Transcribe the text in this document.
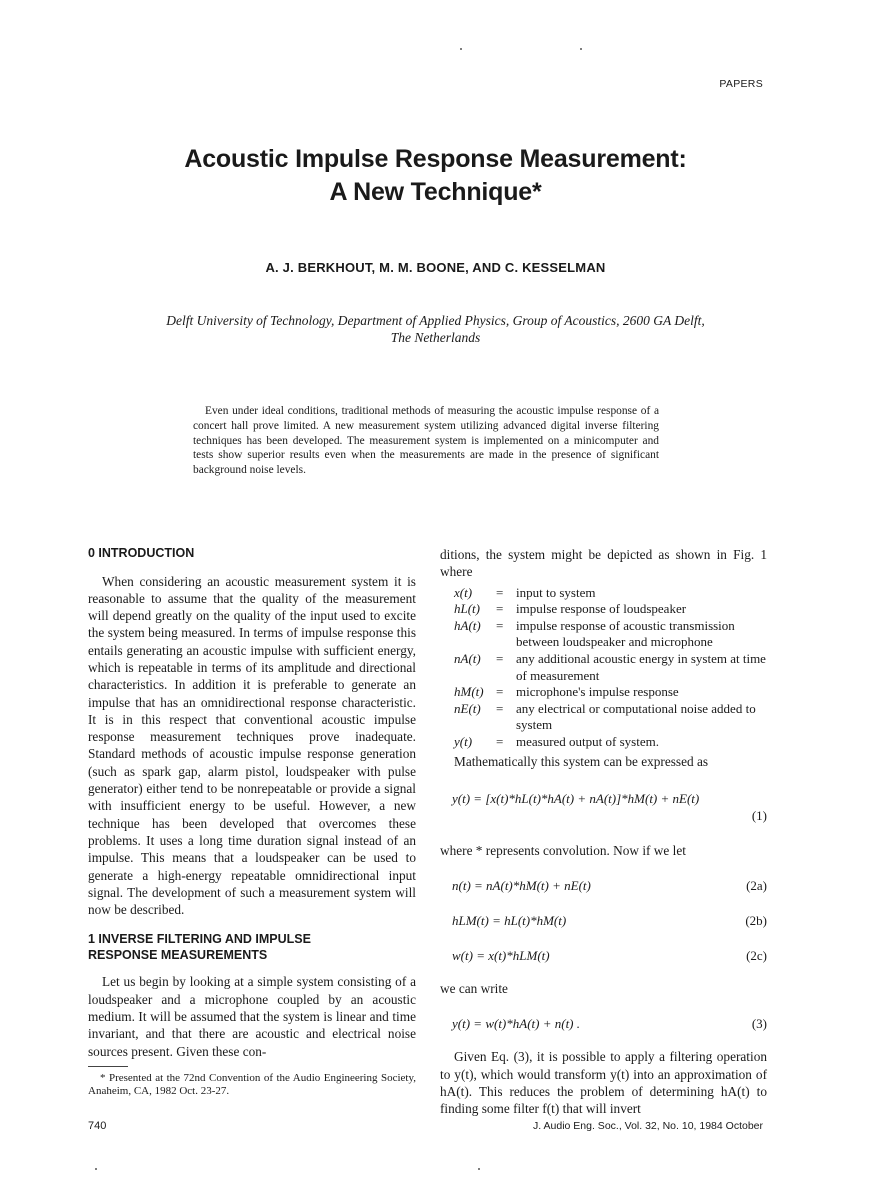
PAPERS
Acoustic Impulse Response Measurement:
A New Technique*
A. J. BERKHOUT, M. M. BOONE, AND C. KESSELMAN
Delft University of Technology, Department of Applied Physics, Group of Acoustics, 2600 GA Delft,
The Netherlands
Even under ideal conditions, traditional methods of measuring the acoustic impulse response of a concert hall prove limited. A new measurement system utilizing advanced digital inverse filtering techniques has been developed. The measurement system is implemented on a minicomputer and tests show superior results even when the measurements are made in the presence of significant background noise levels.

0 INTRODUCTION

When considering an acoustic measurement system it is reasonable to assume that the quality of the measurement will depend greatly on the quality of the input used to excite the system being measured. In terms of impulse response this entails generating an acoustic impulse with sufficient energy, which is repeatable in terms of its amplitude and directional characteristics. In addition it is preferable to generate an impulse that has an omnidirectional response characteristic. It is in this respect that conventional acoustic impulse response measurement techniques prove inadequate. Standard methods of acoustic impulse response generation (such as spark gap, alarm pistol, loudspeaker with pulse generator) either tend to be nonrepeatable or provide a signal with insufficient energy to be useful. However, a new technique has been developed that overcomes these problems. It uses a long time duration signal instead of an impulse. This means that a loudspeaker can be used to generate a high-energy repeatable omnidirectional input signal. The development of such a measurement system will now be described.

1 INVERSE FILTERING AND IMPULSE

RESPONSE MEASUREMENTS

Let us begin by looking at a simple system consisting of a loudspeaker and a microphone coupled by an acoustic medium. It will be assumed that the system is linear and time invariant, and that there are acoustic and electrical noise sources present. Given these con-

* Presented at the 72nd Convention of the Audio Engineering Society, Anaheim, CA, 1982 Oct. 23-27.

ditions, the system might be depicted as shown in Fig. 1 where

x(t)	= input to system
hL(t)	= impulse response of loudspeaker
hA(t)	= impulse response of acoustic transmission between loudspeaker and microphone
nA(t)	= any additional acoustic energy in system at time of measurement
hM(t) = microphone's impulse response
nE(t)	= any electrical or computational noise added to system
y(t)	= measured output of system.

Mathematically this system can be expressed as

y(t) = [x(t)*hL(t)*hA(t) + nA(t)]*hM(t) + nE(t)
(1)

where * represents convolution. Now if we let

n(t) = nA(t)*hM(t) + nE(t)	(2a)
hLM(t) = hL(t)*hM(t)	(2b)
w(t) = x(t)*hLM(t)	(2c)

we can write

y(t) = w(t)*hA(t) + n(t) .	(3)

Given Eq. (3), it is possible to apply a filtering operation to y(t), which would transform y(t) into an approximation of hA(t). This reduces the problem of determining hA(t) to finding some filter f(t) that will invert

740	J. Audio Eng. Soc., Vol. 32, No. 10, 1984 October
